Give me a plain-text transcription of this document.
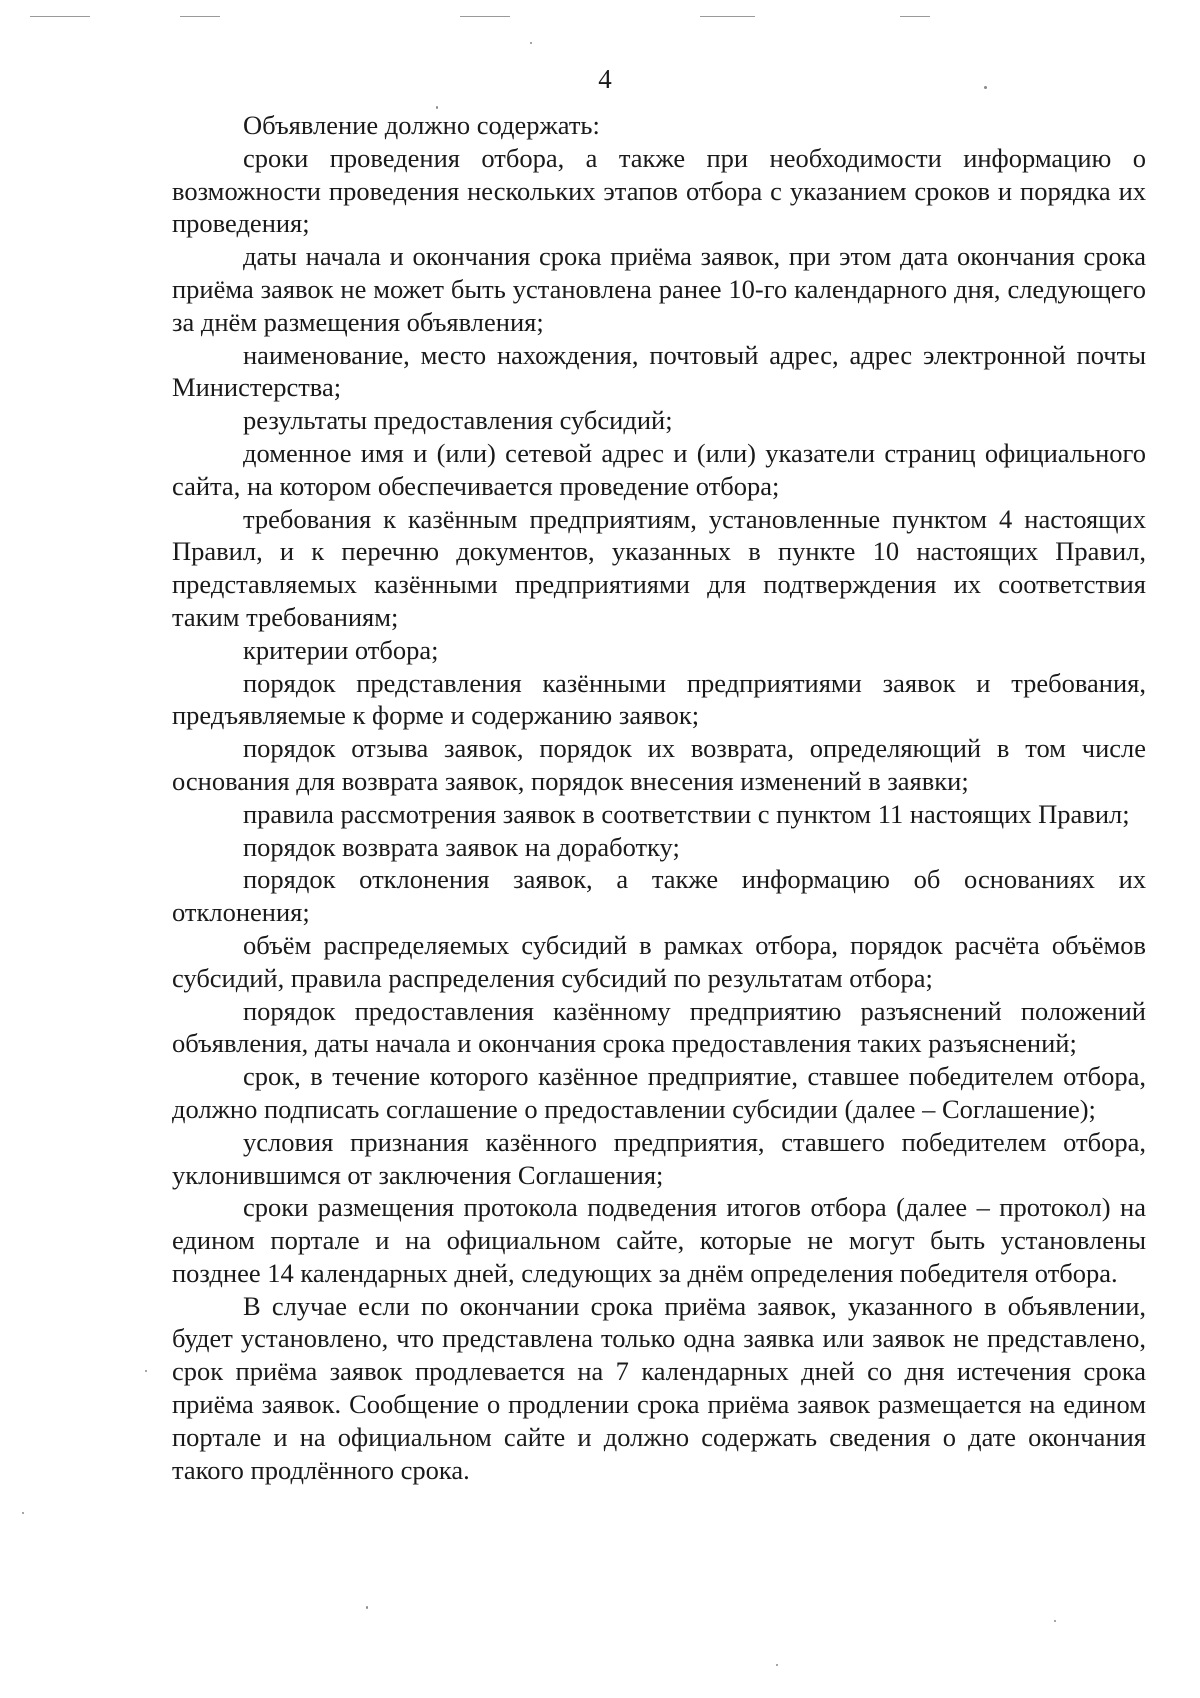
4

Объявление должно содержать:

сроки проведения отбора, а также при необходимости информацию о возможности проведения нескольких этапов отбора с указанием сроков и порядка их проведения;

даты начала и окончания срока приёма заявок, при этом дата окончания срока приёма заявок не может быть установлена ранее 10-го календарного дня, следующего за днём размещения объявления;

наименование, место нахождения, почтовый адрес, адрес электронной почты Министерства;

результаты предоставления субсидий;

доменное имя и (или) сетевой адрес и (или) указатели страниц официального сайта, на котором обеспечивается проведение отбора;

требования к казённым предприятиям, установленные пунктом 4 настоящих Правил, и к перечню документов, указанных в пункте 10 настоящих Правил, представляемых казёнными предприятиями для подтверждения их соответствия таким требованиям;

критерии отбора;

порядок представления казёнными предприятиями заявок и требования, предъявляемые к форме и содержанию заявок;

порядок отзыва заявок, порядок их возврата, определяющий в том числе основания для возврата заявок, порядок внесения изменений в заявки;

правила рассмотрения заявок в соответствии с пунктом 11 настоящих Правил;

порядок возврата заявок на доработку;

порядок отклонения заявок, а также информацию об основаниях их отклонения;

объём распределяемых субсидий в рамках отбора, порядок расчёта объёмов субсидий, правила распределения субсидий по результатам отбора;

порядок предоставления казённому предприятию разъяснений положений объявления, даты начала и окончания срока предоставления таких разъяснений;

срок, в течение которого казённое предприятие, ставшее победителем отбора, должно подписать соглашение о предоставлении субсидии (далее – Соглашение);

условия признания казённого предприятия, ставшего победителем отбора, уклонившимся от заключения Соглашения;

сроки размещения протокола подведения итогов отбора (далее – протокол) на едином портале и на официальном сайте, которые не могут быть установлены позднее 14 календарных дней, следующих за днём определения победителя отбора.

В случае если по окончании срока приёма заявок, указанного в объявлении, будет установлено, что представлена только одна заявка или заявок не представлено, срок приёма заявок продлевается на 7 календарных дней со дня истечения срока приёма заявок. Сообщение о продлении срока приёма заявок размещается на едином портале и на официальном сайте и должно содержать сведения о дате окончания такого продлённого срока.
